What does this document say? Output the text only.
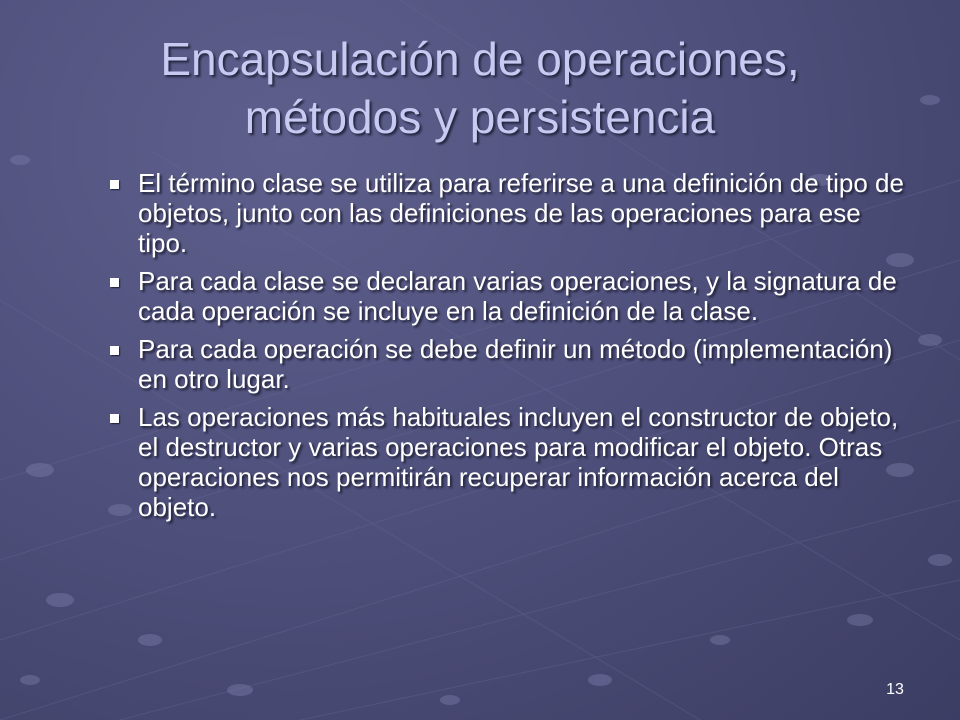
Encapsulación de operaciones,
métodos y persistencia
El término clase se utiliza para referirse a una definición de tipo de objetos, junto con las definiciones de las operaciones para ese tipo.
Para cada clase se declaran varias operaciones, y la signatura de cada operación se incluye en la definición de la clase.
Para cada operación se debe definir un método (implementación) en otro lugar.
Las operaciones más habituales incluyen el constructor de objeto, el destructor y varias operaciones para modificar el objeto. Otras operaciones nos permitirán recuperar información acerca del objeto.
13
